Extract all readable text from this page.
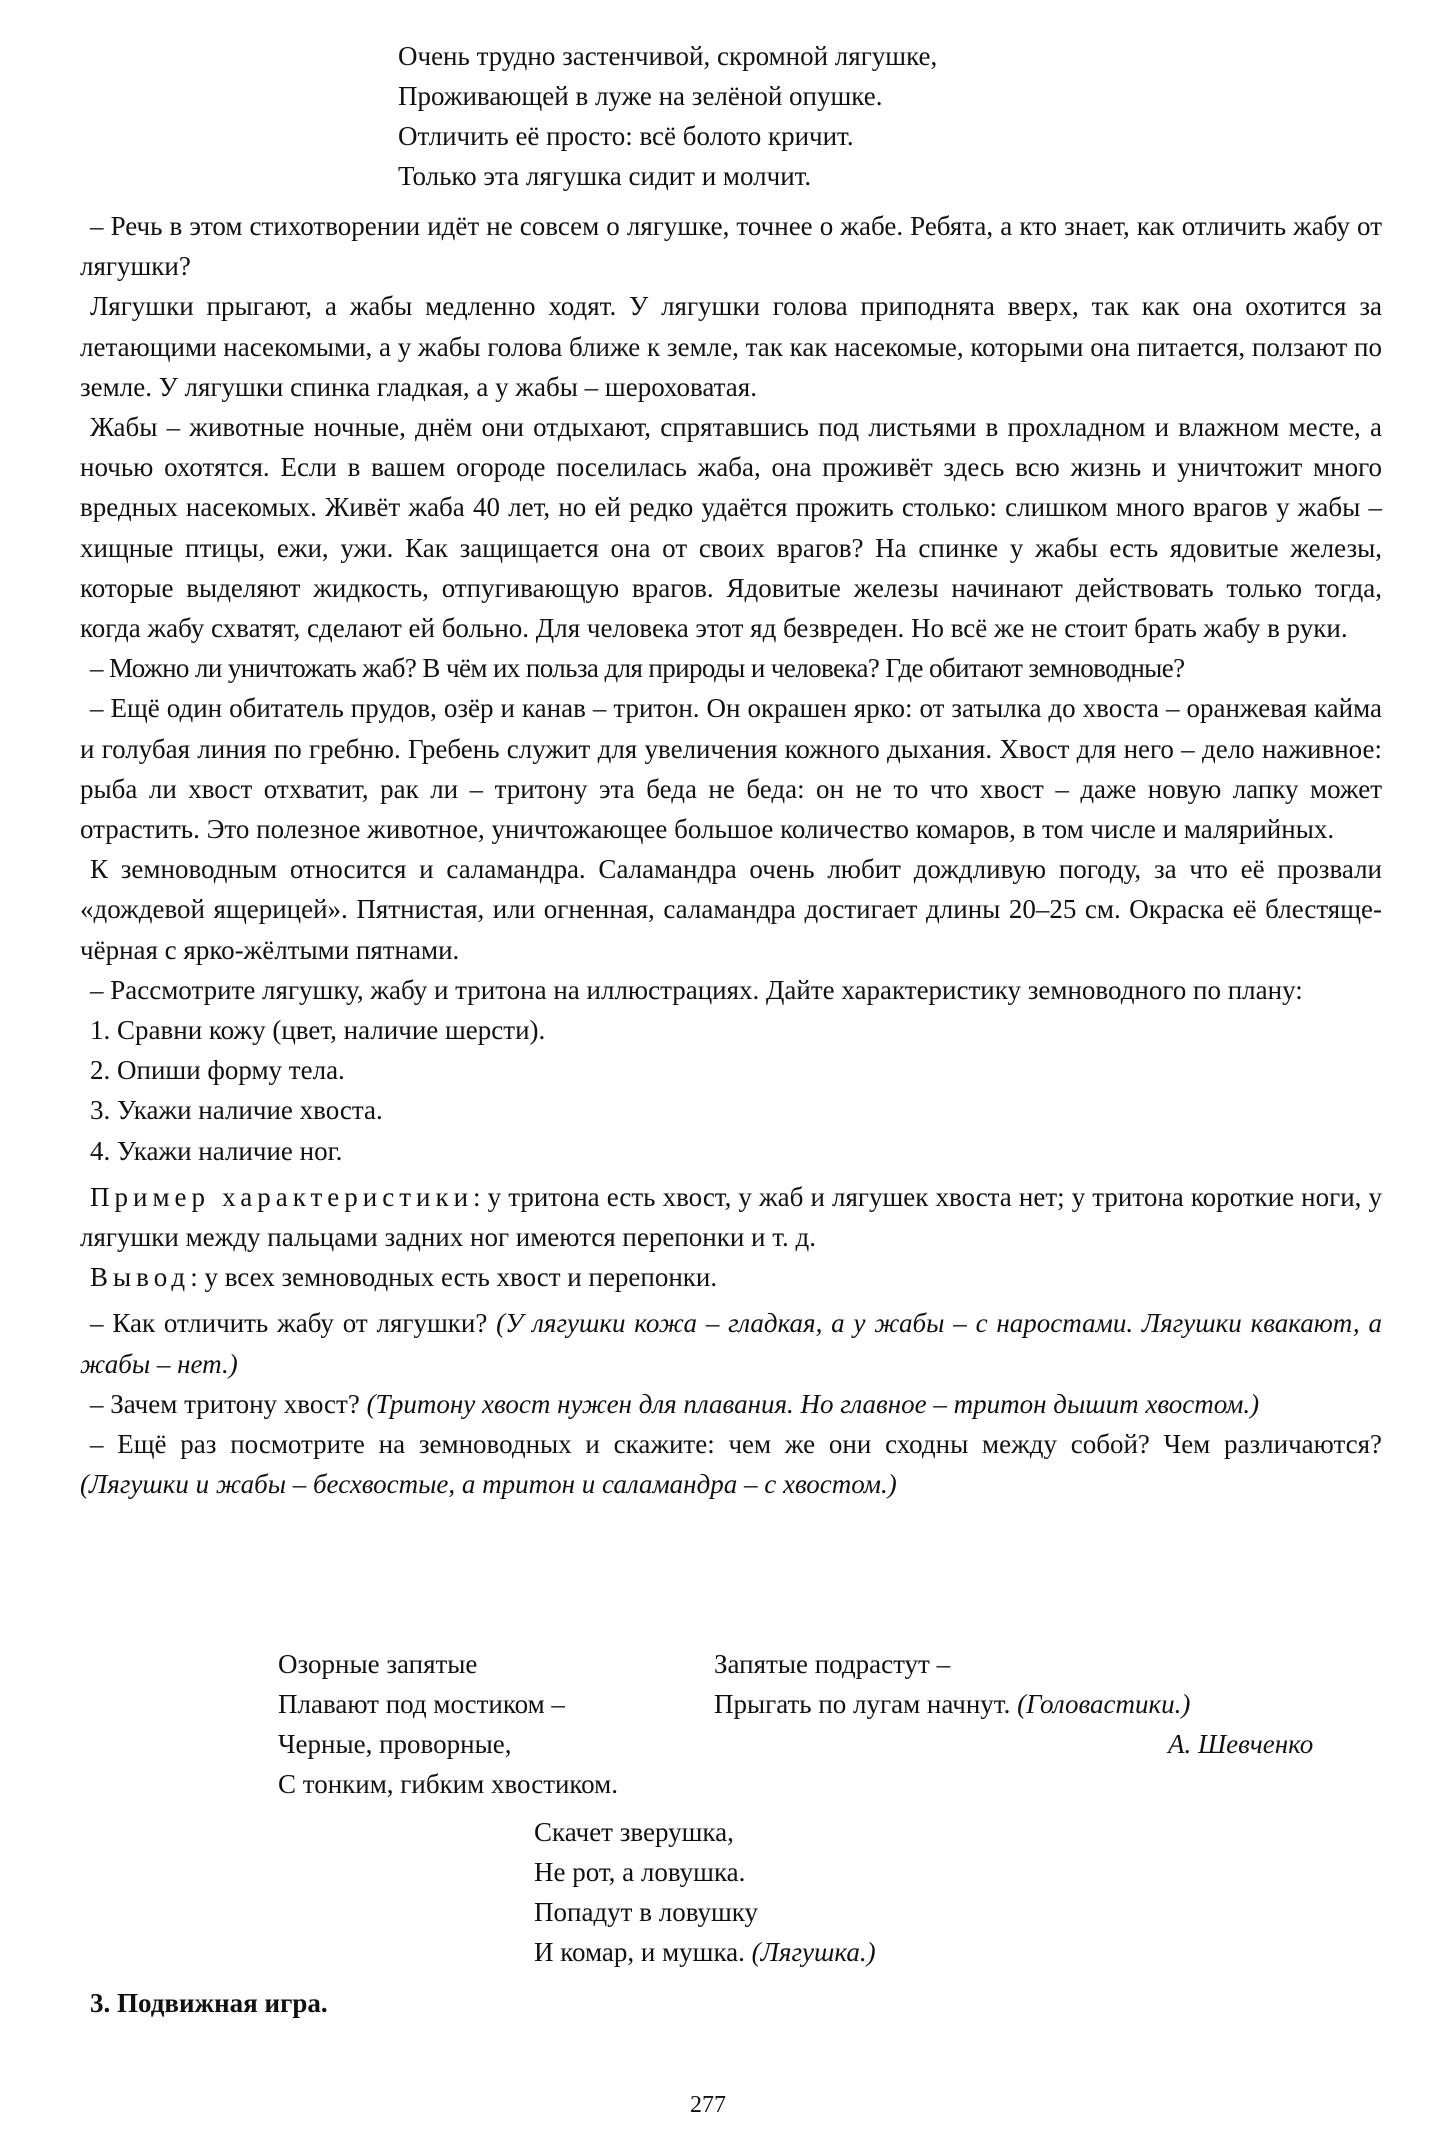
Очень трудно застенчивой, скромной лягушке,
Проживающей в луже на зелёной опушке.
Отличить её просто: всё болото кричит.
Только эта лягушка сидит и молчит.

– Речь в этом стихотворении идёт не совсем о лягушке, точнее о жабе. Ребята, а кто знает, как отличить жабу от лягушки?

Лягушки прыгают, а жабы медленно ходят. У лягушки голова приподнята вверх, так как она охотится за летающими насекомыми, а у жабы голова ближе к земле, так как насекомые, которыми она питается, ползают по земле. У лягушки спинка гладкая, а у жабы – шероховатая.

Жабы – животные ночные, днём они отдыхают, спрятавшись под листьями в прохладном и влажном месте, а ночью охотятся. Если в вашем огороде поселилась жаба, она проживёт здесь всю жизнь и уничтожит много вредных насекомых. Живёт жаба 40 лет, но ей редко удаётся прожить столько: слишком много врагов у жабы – хищные птицы, ежи, ужи. Как защищается она от своих врагов? На спинке у жабы есть ядовитые железы, которые выделяют жидкость, отпугивающую врагов. Ядовитые железы начинают действовать только тогда, когда жабу схватят, сделают ей больно. Для человека этот яд безвреден. Но всё же не стоит брать жабу в руки.

– Можно ли уничтожать жаб? В чём их польза для природы и человека? Где обитают земноводные?

– Ещё один обитатель прудов, озёр и канав – тритон. Он окрашен ярко: от затылка до хвоста – оранжевая кайма и голубая линия по гребню. Гребень служит для увеличения кожного дыхания. Хвост для него – дело наживное: рыба ли хвост отхватит, рак ли – тритону эта беда не беда: он не то что хвост – даже новую лапку может отрастить. Это полезное животное, уничтожающее большое количество комаров, в том числе и малярийных.

К земноводным относится и саламандра. Саламандра очень любит дождливую погоду, за что её прозвали «дождевой ящерицей». Пятнистая, или огненная, саламандра достигает длины 20–25 см. Окраска её блестяще-чёрная с ярко-жёлтыми пятнами.

– Рассмотрите лягушку, жабу и тритона на иллюстрациях. Дайте характеристику земноводного по плану:

1. Сравни кожу (цвет, наличие шерсти).

2. Опиши форму тела.

3. Укажи наличие хвоста.

4. Укажи наличие ног.

Пример характеристики: у тритона есть хвост, у жаб и лягушек хвоста нет; у тритона короткие ноги, у лягушки между пальцами задних ног имеются перепонки и т. д.

Вывод: у всех земноводных есть хвост и перепонки.

– Как отличить жабу от лягушки? (У лягушки кожа – гладкая, а у жабы – с наростами. Лягушки квакают, а жабы – нет.)

– Зачем тритону хвост? (Тритону хвост нужен для плавания. Но главное – тритон дышит хвостом.)

– Ещё раз посмотрите на земноводных и скажите: чем же они сходны между собой? Чем различаются? (Лягушки и жабы – бесхвостые, а тритон и саламандра – с хвостом.)

Озорные запятые
Плавают под мостиком –
Черные, проворные,
С тонким, гибким хвостиком.
Запятые подрастут –
Прыгать по лугам начнут. (Головастики.)
А. Шевченко
Скачет зверушка,
Не рот, а ловушка.
Попадут в ловушку
И комар, и мушка. (Лягушка.)
3. Подвижная игра.
277
